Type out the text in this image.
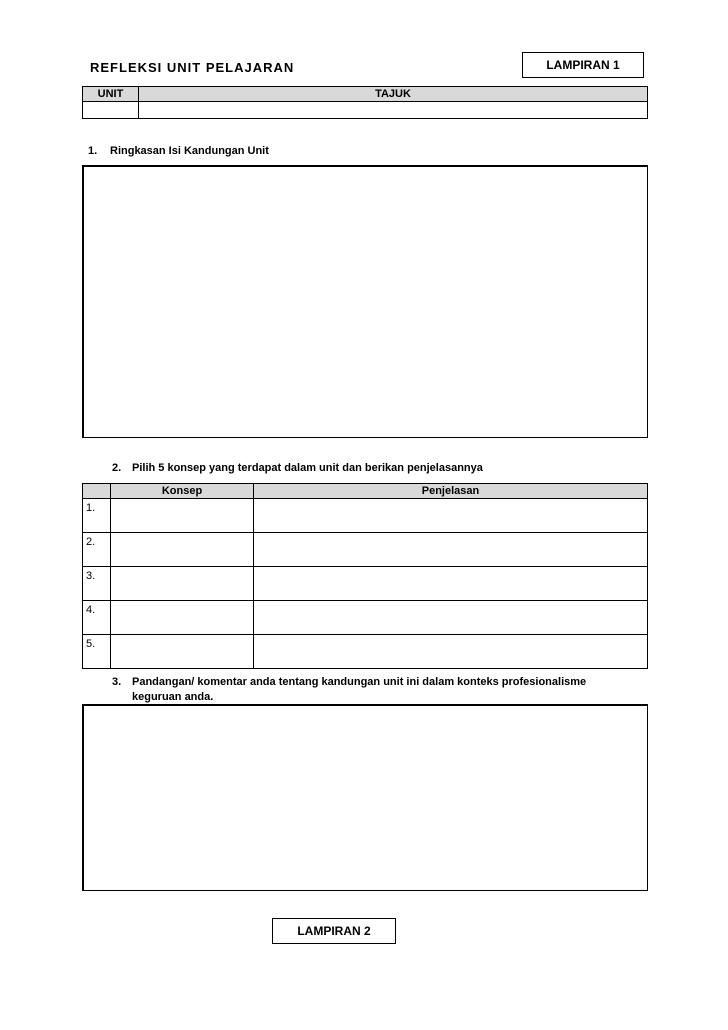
REFLEKSI UNIT PELAJARAN	LAMPIRAN 1
UNIT	TAJUK

1. Ringkasan Isi Kandungan Unit
2. Pilih 5 konsep yang terdapat dalam unit dan berikan penjelasannya
	Konsep	Penjelasan
1.		
2.		
3.		
4.		
5.		
3. Pandangan/ komentar anda tentang kandungan unit ini dalam konteks profesionalisme
keguruan anda.
LAMPIRAN 2
